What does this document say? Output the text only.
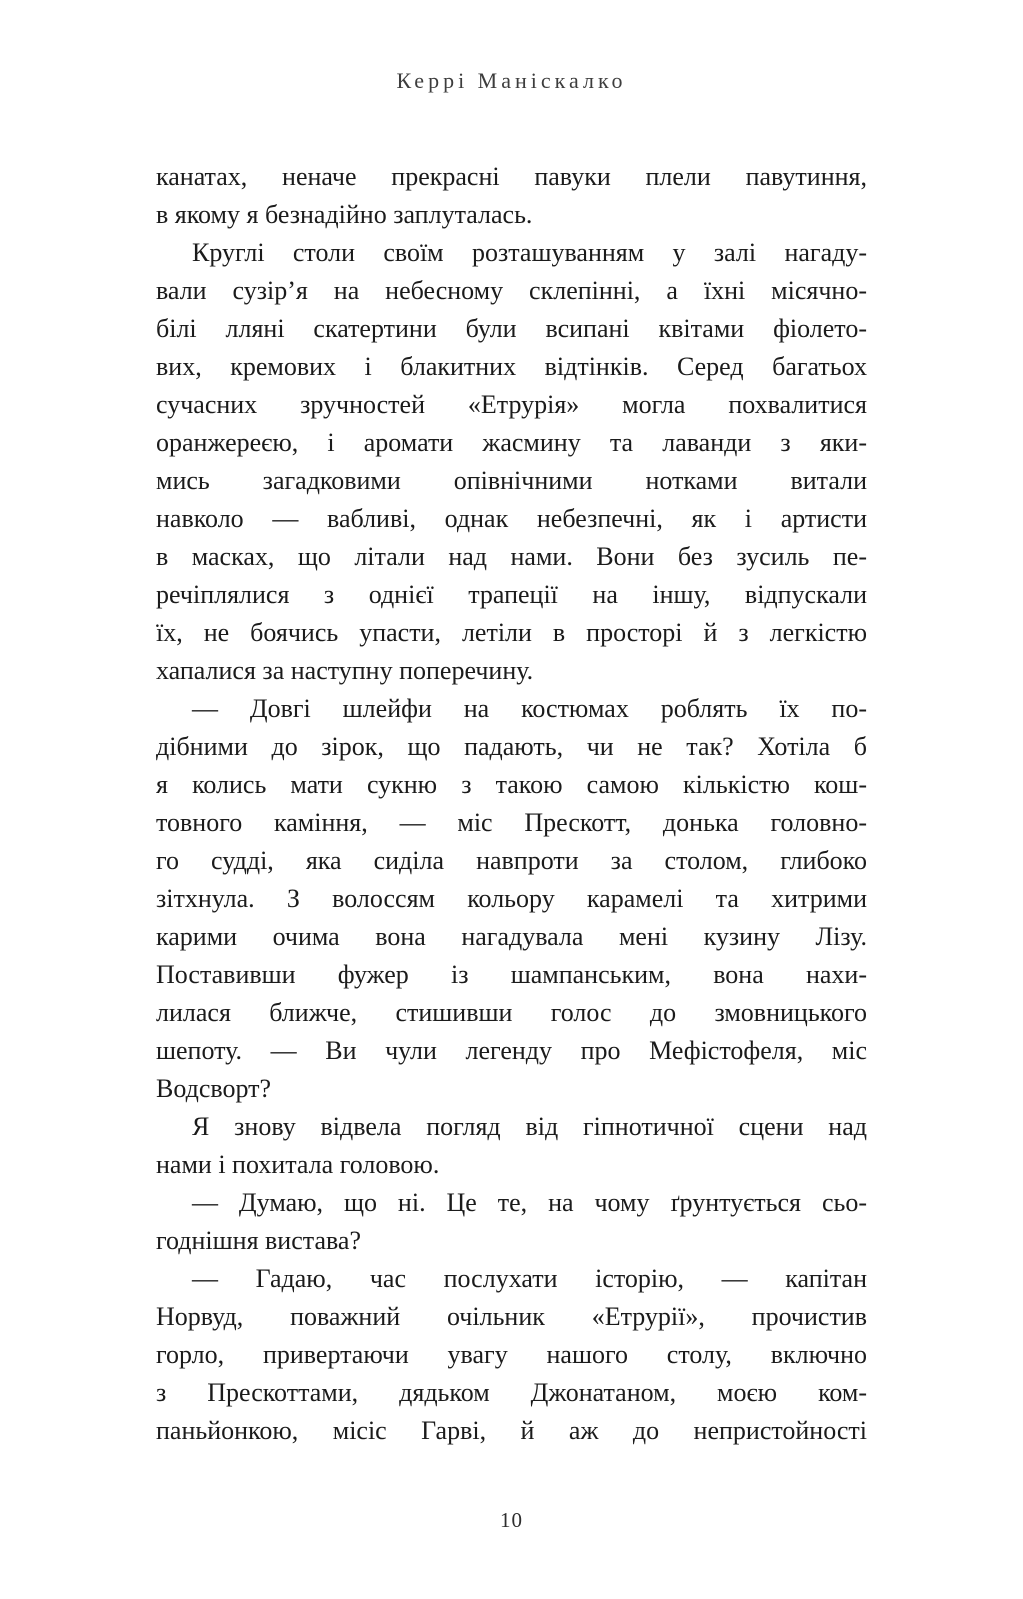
Керрі Маніскалко
канатах, неначе прекрасні павуки плели павутиння,
в якому я безнадійно заплуталась.
Круглі столи своїм розташуванням у залі нагаду-
вали сузір’я на небесному склепінні, а їхні місячно-
білі лляні скатертини були всипані квітами фіолето-
вих, кремових і блакитних відтінків. Серед багатьох
сучасних зручностей «Етрурія» могла похвалитися
оранжереєю, і аромати жасмину та лаванди з яки-
мись загадковими опівнічними нотками витали
навколо — вабливі, однак небезпечні, як і артисти
в масках, що літали над нами. Вони без зусиль пе-
речіплялися з однієї трапеції на іншу, відпускали
їх, не боячись упасти, летіли в просторі й з легкістю
хапалися за наступну поперечину.
— Довгі шлейфи на костюмах роблять їх по-
дібними до зірок, що падають, чи не так? Хотіла б
я колись мати сукню з такою самою кількістю кош-
товного каміння, — міс Прескотт, донька головно-
го судді, яка сиділа навпроти за столом, глибоко
зітхнула. З волоссям кольору карамелі та хитрими
карими очима вона нагадувала мені кузину Лізу.
Поставивши фужер із шампанським, вона нахи-
лилася ближче, стишивши голос до змовницького
шепоту. — Ви чули легенду про Мефістофеля, міс
Водсворт?
Я знову відвела погляд від гіпнотичної сцени над
нами і похитала головою.
— Думаю, що ні. Це те, на чому ґрунтується сьо-
годнішня вистава?
— Гадаю, час послухати історію, — капітан
Норвуд, поважний очільник «Етрурії», прочистив
горло, привертаючи увагу нашого столу, включно
з Прескоттами, дядьком Джонатаном, моєю ком-
паньйонкою, місіс Гарві, й аж до непристойності
10
